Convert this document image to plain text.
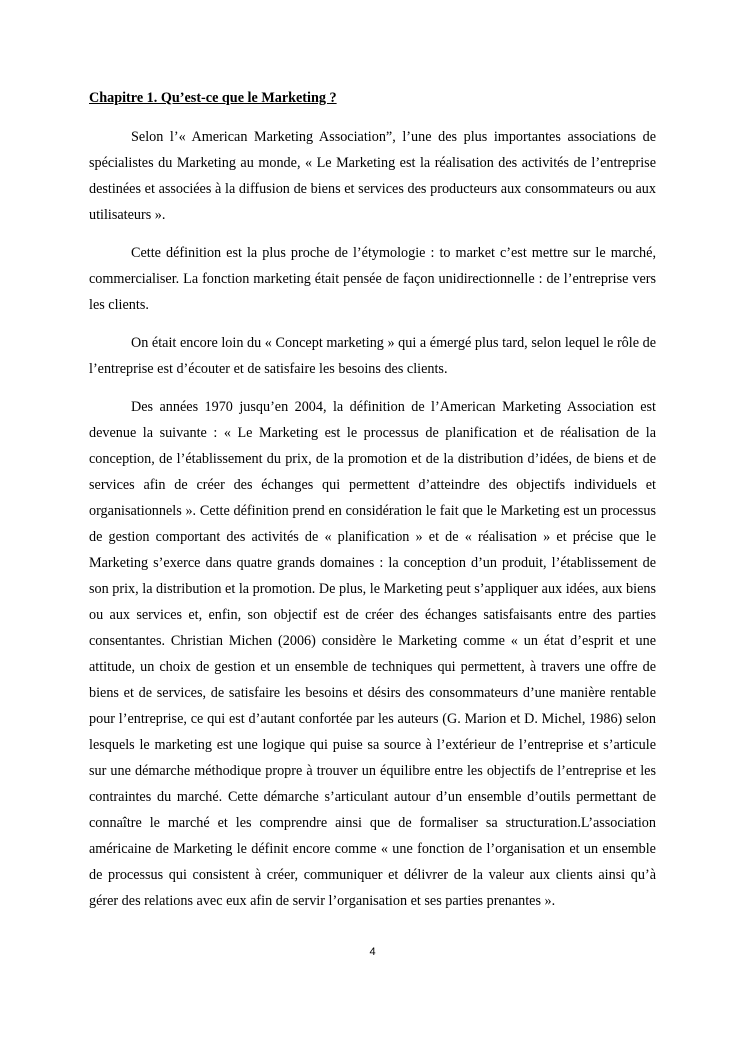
Chapitre 1. Qu’est-ce que le Marketing ?

Selon l’« American Marketing Association”, l’une des plus importantes associations de spécialistes du Marketing au monde, « Le Marketing est la réalisation des activités de l’entreprise destinées et associées à la diffusion de biens et services des producteurs aux consommateurs ou aux utilisateurs ».

Cette définition est la plus proche de l’étymologie : to market c’est mettre sur le marché, commercialiser. La fonction marketing était pensée de façon unidirectionnelle : de l’entreprise vers les clients.

On était encore loin du « Concept marketing » qui a émergé plus tard, selon lequel le rôle de l’entreprise est d’écouter et de satisfaire les besoins des clients.

Des années 1970 jusqu’en 2004, la définition de l’American Marketing Association est devenue la suivante : « Le Marketing est le processus de planification et de réalisation de la conception, de l’établissement du prix, de la promotion et de la distribution d’idées, de biens et de services afin de créer des échanges qui permettent d’atteindre des objectifs individuels et organisationnels ». Cette définition prend en considération le fait que le Marketing est un processus de gestion comportant des activités de « planification » et de « réalisation » et précise que le Marketing s’exerce dans quatre grands domaines : la conception d’un produit, l’établissement de son prix, la distribution et la promotion. De plus, le Marketing peut s’appliquer aux idées, aux biens ou aux services et, enfin, son objectif est de créer des échanges satisfaisants entre des parties consentantes. Christian Michen (2006) considère le Marketing comme « un état d’esprit et une attitude, un choix de gestion et un ensemble de techniques qui permettent, à travers une offre de biens et de services, de satisfaire les besoins et désirs des consommateurs d’une manière rentable pour l’entreprise, ce qui est d’autant confortée par les auteurs (G. Marion et D. Michel, 1986) selon lesquels le marketing est une logique qui puise sa source à l’extérieur de l’entreprise et s’articule sur une démarche méthodique propre à trouver un équilibre entre les objectifs de l’entreprise et les contraintes du marché. Cette démarche s’articulant autour d’un ensemble d’outils permettant de connaître le marché et les comprendre ainsi que de formaliser sa structuration.L’association américaine de Marketing le définit encore comme « une fonction de l’organisation et un ensemble de processus qui consistent à créer, communiquer et délivrer de la valeur aux clients ainsi qu’à gérer des relations avec eux afin de servir l’organisation et ses parties prenantes ».

4
